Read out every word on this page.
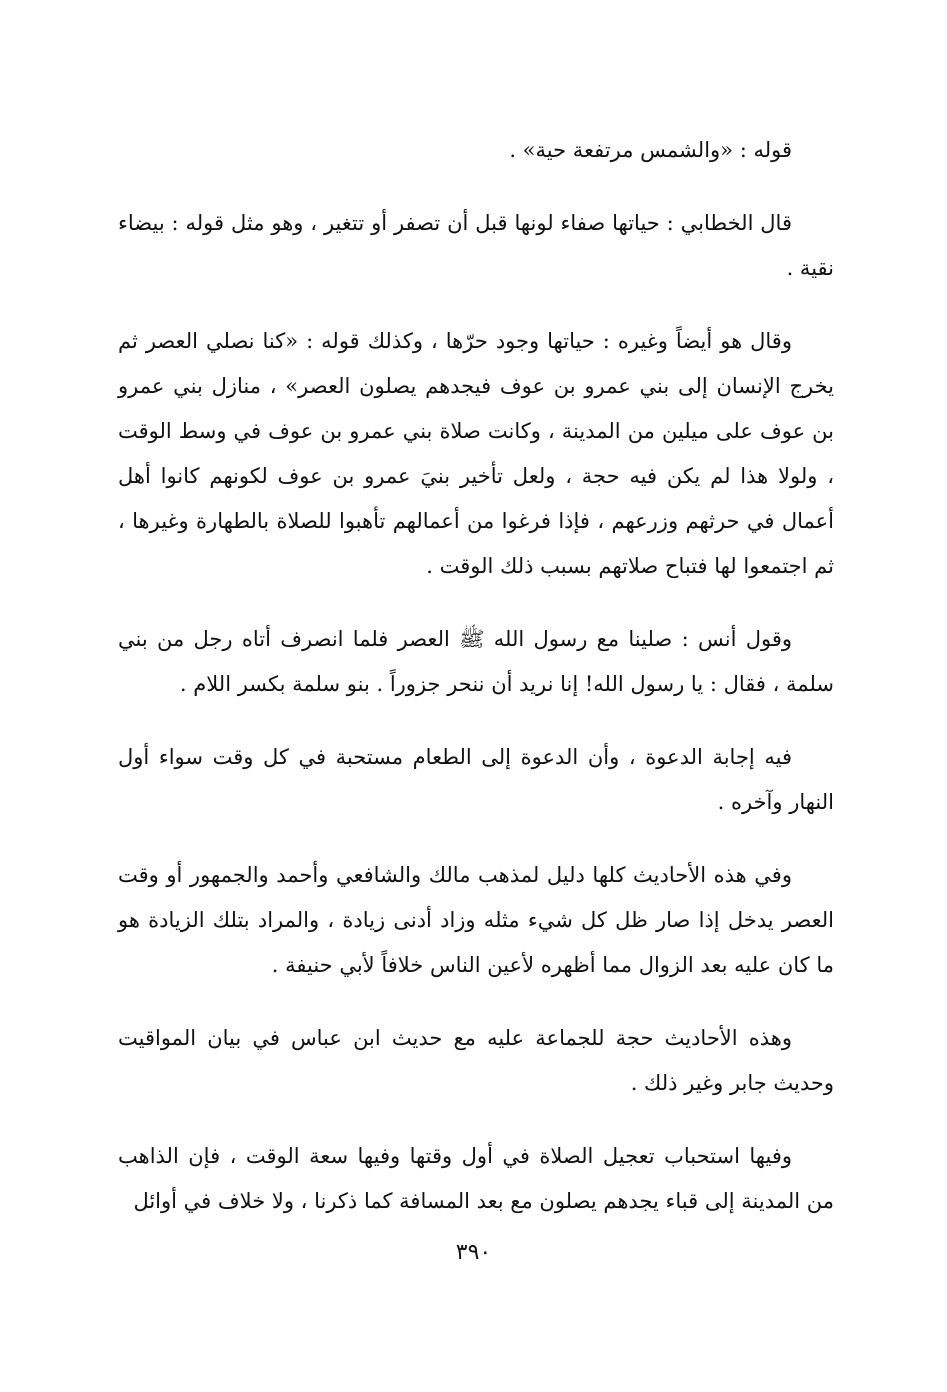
قوله : «والشمس مرتفعة حية» .

قال الخطابي : حياتها صفاء لونها قبل أن تصفر أو تتغير ، وهو مثل قوله : بيضاء نقية .

وقال هو أيضاً وغيره : حياتها وجود حرّها ، وكذلك قوله : «كنا نصلي العصر ثم يخرج الإنسان إلى بني عمرو بن عوف فيجدهم يصلون العصر» ، منازل بني عمرو بن عوف على ميلين من المدينة ، وكانت صلاة بني عمرو بن عوف في وسط الوقت ، ولولا هذا لم يكن فيه حجة ، ولعل تأخير بنيَ عمرو بن عوف لكونهم كانوا أهل أعمال في حرثهم وزرعهم ، فإذا فرغوا من أعمالهم تأهبوا للصلاة بالطهارة وغيرها ، ثم اجتمعوا لها فتباح صلاتهم بسبب ذلك الوقت .

وقول أنس : صلينا مع رسول الله ﷺ العصر فلما انصرف أتاه رجل من بني سلمة ، فقال : يا رسول الله! إنا نريد أن ننحر جزوراً . بنو سلمة بكسر اللام .

فيه إجابة الدعوة ، وأن الدعوة إلى الطعام مستحبة في كل وقت سواء أول النهار وآخره .

وفي هذه الأحاديث كلها دليل لمذهب مالك والشافعي وأحمد والجمهور أو وقت العصر يدخل إذا صار ظل كل شيء مثله وزاد أدنى زيادة ، والمراد بتلك الزيادة هو ما كان عليه بعد الزوال مما أظهره لأعين الناس خلافاً لأبي حنيفة .

وهذه الأحاديث حجة للجماعة عليه مع حديث ابن عباس في بيان المواقيت وحديث جابر وغير ذلك .

وفيها استحباب تعجيل الصلاة في أول وقتها وفيها سعة الوقت ، فإن الذاهب من المدينة إلى قباء يجدهم يصلون مع بعد المسافة كما ذكرنا ، ولا خلاف في أوائل

٣٩٠
